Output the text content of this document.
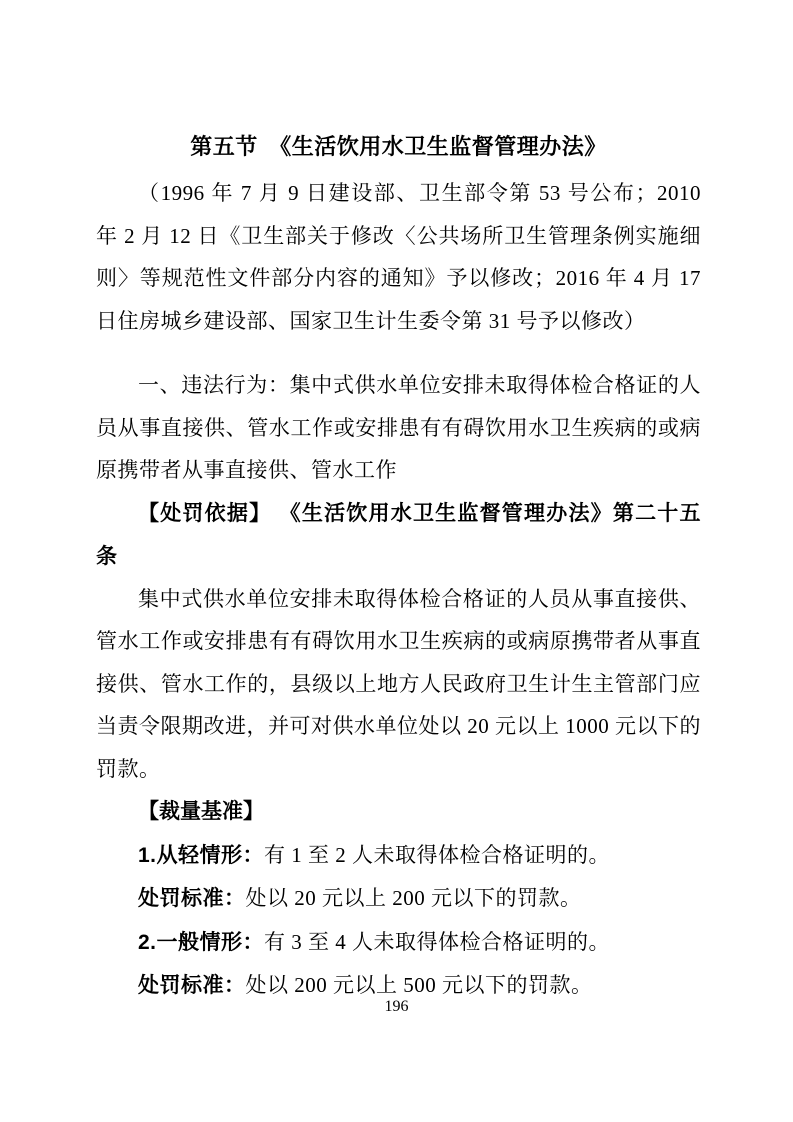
第五节　《生活饮用水卫生监督管理办法》

（1996 年 7 月 9 日建设部、卫生部令第 53 号公布；2010 年 2 月 12 日《卫生部关于修改〈公共场所卫生管理条例实施细则〉等规范性文件部分内容的通知》予以修改；2016 年 4 月 17 日住房城乡建设部、国家卫生计生委令第 31 号予以修改）

一、违法行为：集中式供水单位安排未取得体检合格证的人员从事直接供、管水工作或安排患有有碍饮用水卫生疾病的或病原携带者从事直接供、管水工作

【处罚依据】 《生活饮用水卫生监督管理办法》第二十五条

集中式供水单位安排未取得体检合格证的人员从事直接供、管水工作或安排患有有碍饮用水卫生疾病的或病原携带者从事直接供、管水工作的，县级以上地方人民政府卫生计生主管部门应当责令限期改进，并可对供水单位处以 20 元以上 1000 元以下的罚款。

【裁量基准】

1.从轻情形：有 1 至 2 人未取得体检合格证明的。

处罚标准：处以 20 元以上 200 元以下的罚款。

2.一般情形：有 3 至 4 人未取得体检合格证明的。

处罚标准：处以 200 元以上 500 元以下的罚款。

196
